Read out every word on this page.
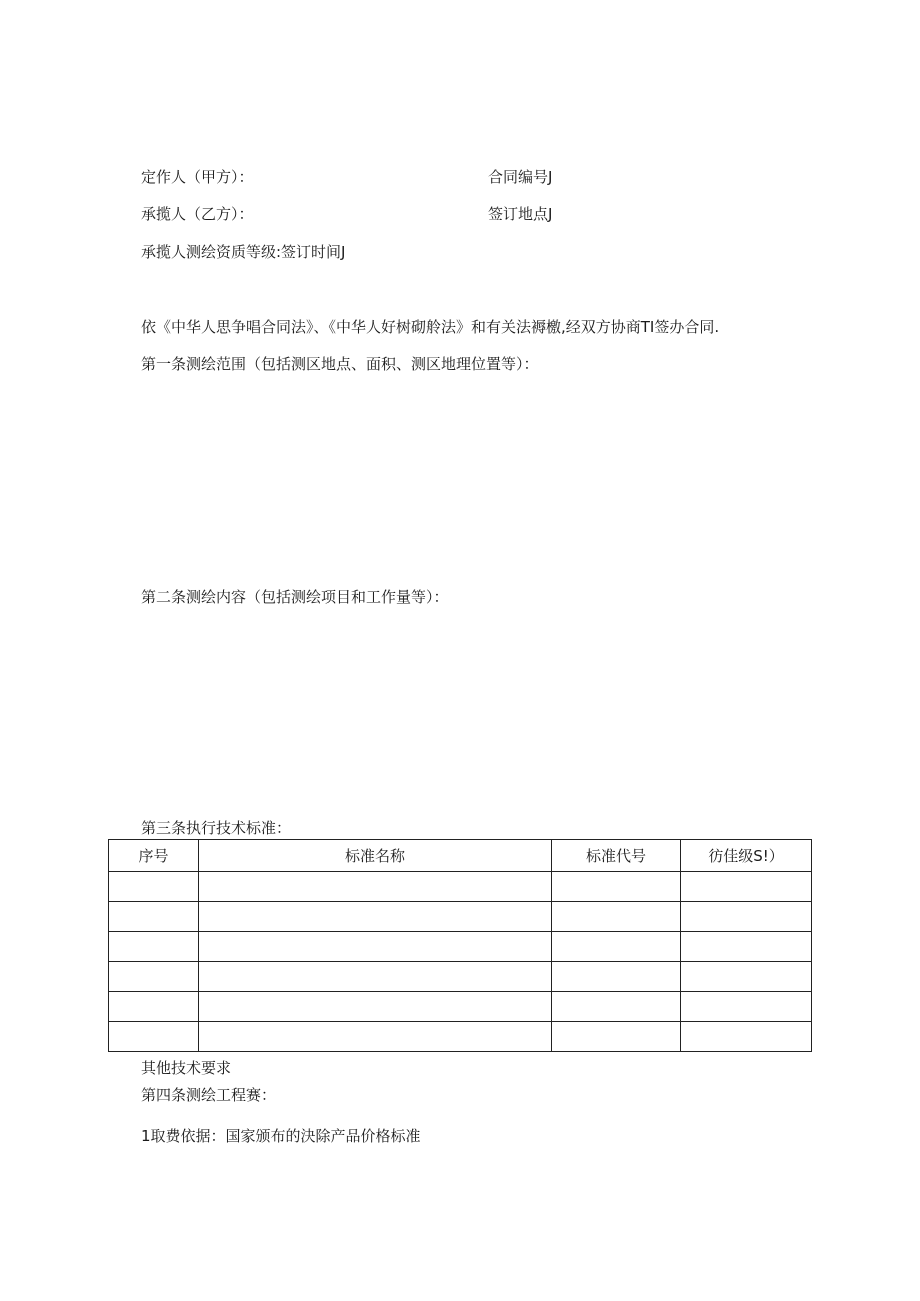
定作人（甲方）：	合同编号J
承揽人（乙方）：	签订地点J
承揽人测绘资质等级:签订时间J
依《中华人思争唱合同法》、《中华人好树砌舲法》和有关法褥檄,经双方协商TI签办合同.
第一条测绘范围（包括测区地点、面积、测区地理位置等）：
第二条测绘内容（包括测绘项目和工作量等）：
第三条执行技术标准：
序号	标准名称	标准代号	彷佳级S!）

其他技术要求
第四条测绘工程赛：
1取费依据：国家颁布的決除产品价格标准
